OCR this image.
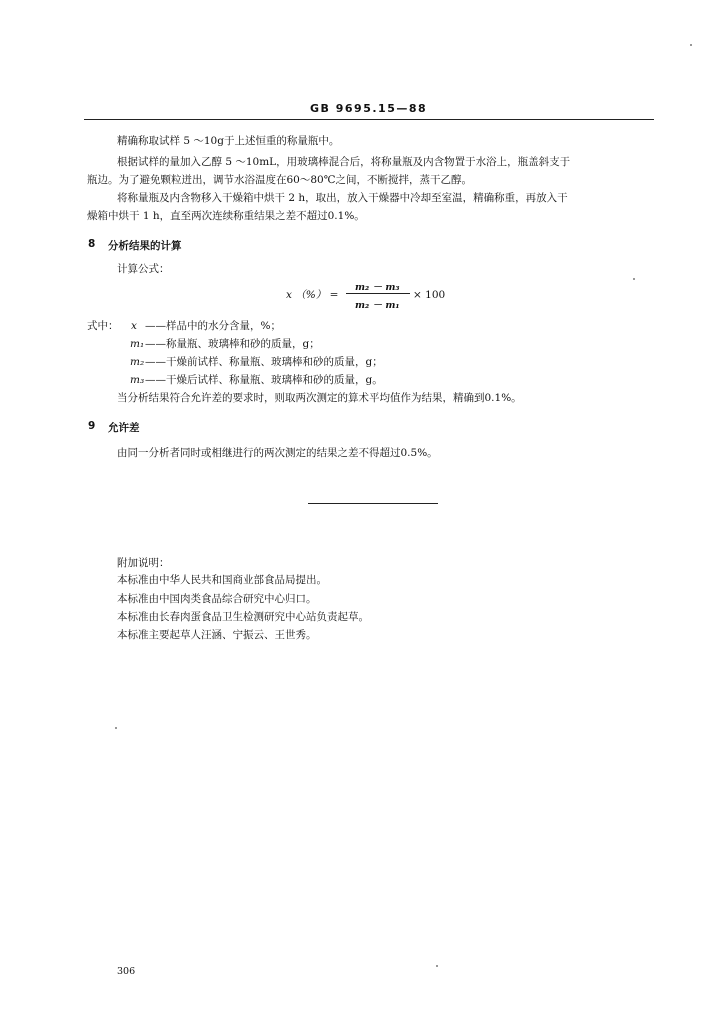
GB 9695.15—88
精确称取试样 5 ～10g于上述恒重的称量瓶中。
根据试样的量加入乙醇 5 ～10mL，用玻璃棒混合后，将称量瓶及内含物置于水浴上，瓶盖斜支于
瓶边。为了避免颗粒迸出，调节水浴温度在60～80℃之间，不断搅拌，蒸干乙醇。
将称量瓶及内含物移入干燥箱中烘干 2 h，取出，放入干燥器中冷却至室温，精确称重，再放入干
燥箱中烘干 1 h，直至两次连续称重结果之差不超过0.1%。
8 分析结果的计算
计算公式：
x （%） =
m₂ － m₃
m₂ － m₁
× 100
式中： x ——样品中的水分含量，%；
m₁ ——称量瓶、玻璃棒和砂的质量，g；
m₂ ——干燥前试样、称量瓶、玻璃棒和砂的质量，g；
m₃ ——干燥后试样、称量瓶、玻璃棒和砂的质量，g。
当分析结果符合允许差的要求时，则取两次测定的算术平均值作为结果，精确到0.1%。
9 允许差
由同一分析者同时或相继进行的两次测定的结果之差不得超过0.5%。
附加说明：
本标准由中华人民共和国商业部食品局提出。
本标准由中国肉类食品综合研究中心归口。
本标准由长春肉蛋食品卫生检测研究中心站负责起草。
本标准主要起草人汪涵、宁振云、王世秀。
306
